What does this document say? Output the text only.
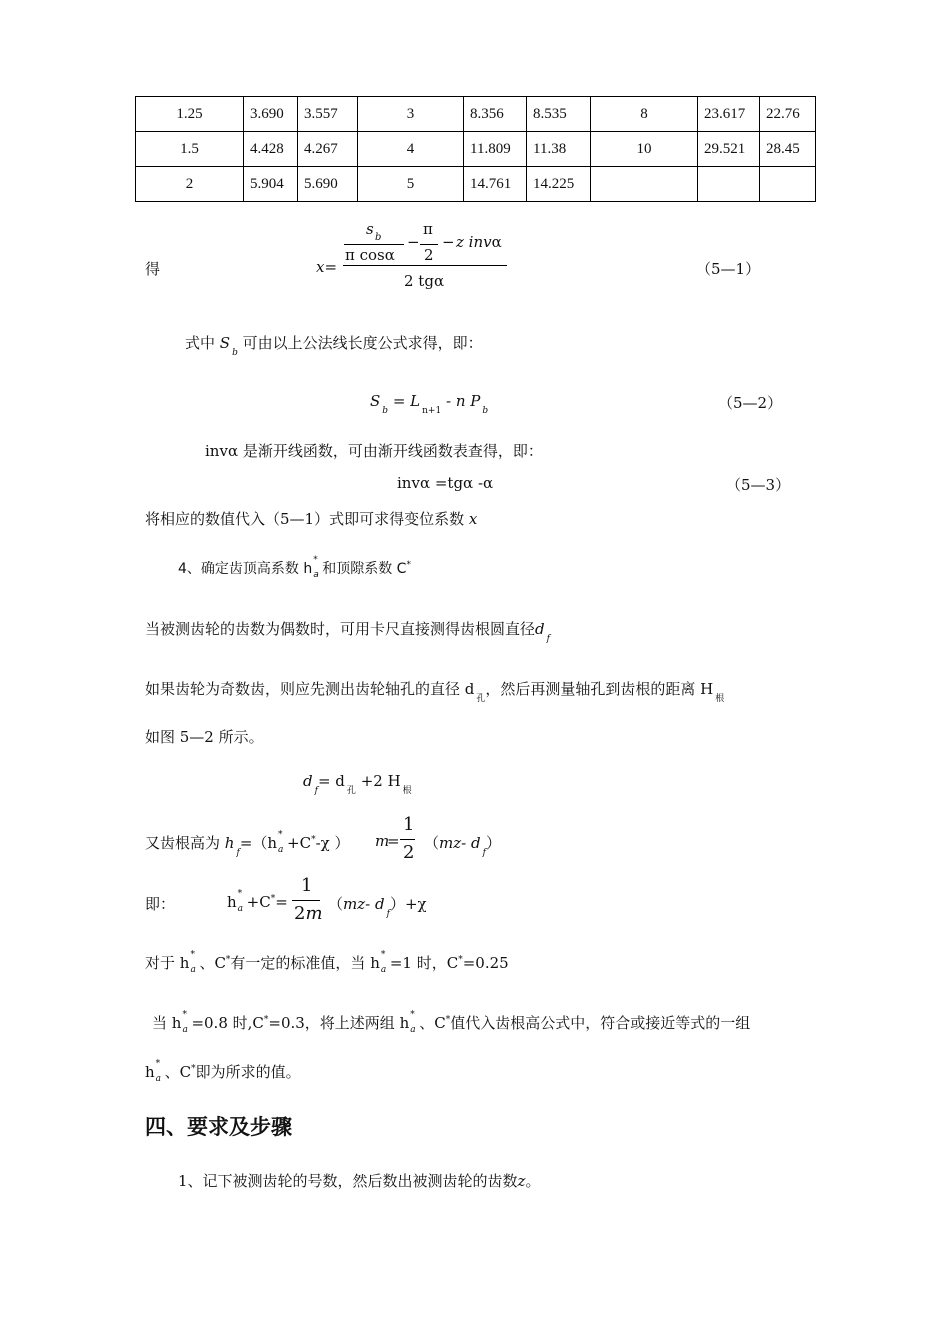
1.25	3.690	3.557	3	8.356	8.535	8	23.617	22.76
1.5	4.428	4.267	4	11.809	11.38	10	29.521	28.45
2	5.904	5.690	5	14.761	14.225			
得	x=
s b
π cosα
−
π
2
− z invα
2 tgα
（5—1）
式中 $S_b$ 可由以上公法线长度公式求得，即：
$S_b = L_{n+1} - n$ $P_b$	（5—2）
invα 是渐开线函数，可由渐开线函数表查得，即：
invα =tgα -α	（5—3）
将相应的数值代入（5—1）式即可求得变位系数 x
4、确定齿顶高系数 h
*
a 和顶隙系数 C*
当被测齿轮的齿数为偶数时，可用卡尺直接测得齿根圆直径$d_f$
如果齿轮为奇数齿，则应先测出齿轮轴孔的直径 $d_孔$，然后再测量轴孔到齿根的距离 $H_根$
如图 5—2 所示。
$d_f= d_孔 +2$ $H_根$
又齿根高为 $h_f=(h$ *
a +C*-χ ） m
=
1
2 （mz- $d_f$）
即：	h *
a +C*=
1
2m （mz- $d_f)+\chi$
对于 h *
a 、C*有一定的标准值，当 h *
a =1 时，C*=0.25
当 h *
a =0.8 时,C*=0.3，将上述两组 h *
a 、C*值代入齿根高公式中，符合或接近等式的一组
h *
a 、C*即为所求的值。
四、要求及步骤
1、记下被测齿轮的号数，然后数出被测齿轮的齿数z。
